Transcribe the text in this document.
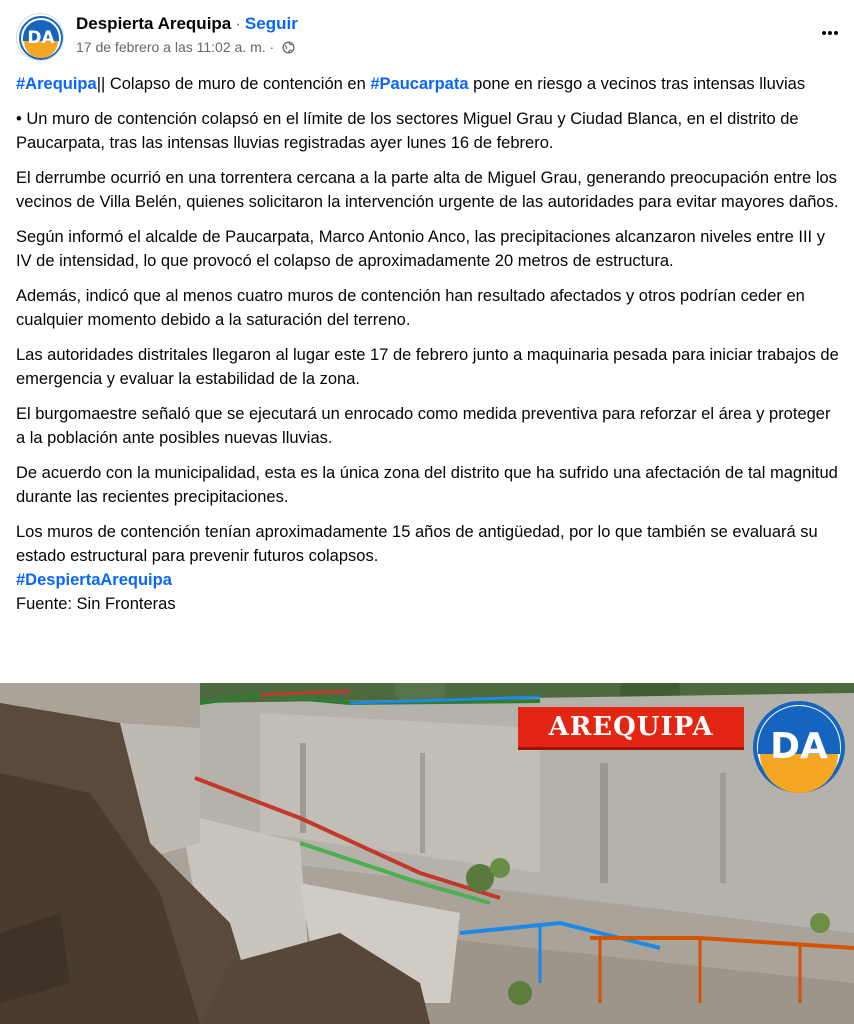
DA
Despierta Arequipa · Seguir
17 de febrero a las 11:02 a. m. ·

#Arequipa|| Colapso de muro de contención en #Paucarpata pone en riesgo a vecinos tras intensas lluvias

• Un muro de contención colapsó en el límite de los sectores Miguel Grau y Ciudad Blanca, en el distrito de Paucarpata, tras las intensas lluvias registradas ayer lunes 16 de febrero.

El derrumbe ocurrió en una torrentera cercana a la parte alta de Miguel Grau, generando preocupación entre los vecinos de Villa Belén, quienes solicitaron la intervención urgente de las autoridades para evitar mayores daños.

Según informó el alcalde de Paucarpata, Marco Antonio Anco, las precipitaciones alcanzaron niveles entre III y IV de intensidad, lo que provocó el colapso de aproximadamente 20 metros de estructura.

Además, indicó que al menos cuatro muros de contención han resultado afectados y otros podrían ceder en cualquier momento debido a la saturación del terreno.

Las autoridades distritales llegaron al lugar este 17 de febrero junto a maquinaria pesada para iniciar trabajos de emergencia y evaluar la estabilidad de la zona.

El burgomaestre señaló que se ejecutará un enrocado como medida preventiva para reforzar el área y proteger a la población ante posibles nuevas lluvias.

De acuerdo con la municipalidad, esta es la única zona del distrito que ha sufrido una afectación de tal magnitud durante las recientes precipitaciones.

Los muros de contención tenían aproximadamente 15 años de antigüedad, por lo que también se evaluará su estado estructural para prevenir futuros colapsos.

#DespiertaArequipa

Fuente: Sin Fronteras

AREQUIPA	DA
